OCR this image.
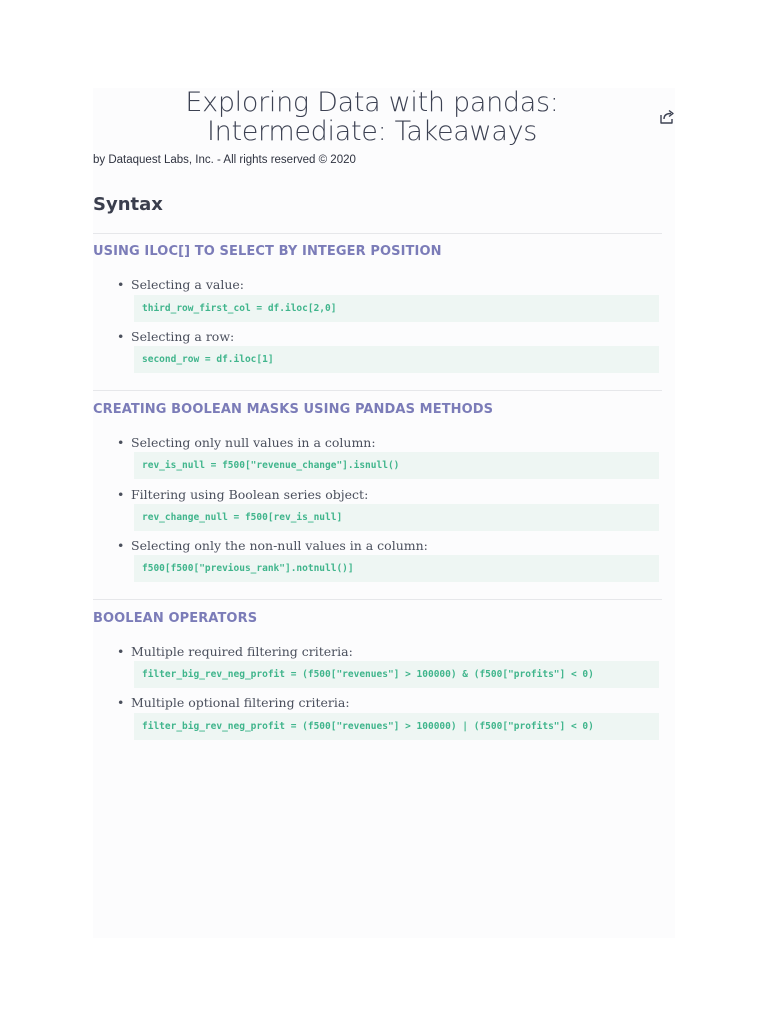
Exploring Data with pandas:
Intermediate: Takeaways
by Dataquest Labs, Inc. - All rights reserved © 2020
Syntax
USING ILOC[] TO SELECT BY INTEGER POSITION
• Selecting a value:
third_row_first_col = df.iloc[2,0]
• Selecting a row:
second_row = df.iloc[1]
CREATING BOOLEAN MASKS USING PANDAS METHODS
• Selecting only null values in a column:
rev_is_null = f500["revenue_change"].isnull()
• Filtering using Boolean series object:
rev_change_null = f500[rev_is_null]
• Selecting only the non-null values in a column:
f500[f500["previous_rank"].notnull()]
BOOLEAN OPERATORS
• Multiple required filtering criteria:
filter_big_rev_neg_profit = (f500["revenues"] > 100000) & (f500["profits"] < 0)
• Multiple optional filtering criteria:
filter_big_rev_neg_profit = (f500["revenues"] > 100000) | (f500["profits"] < 0)
